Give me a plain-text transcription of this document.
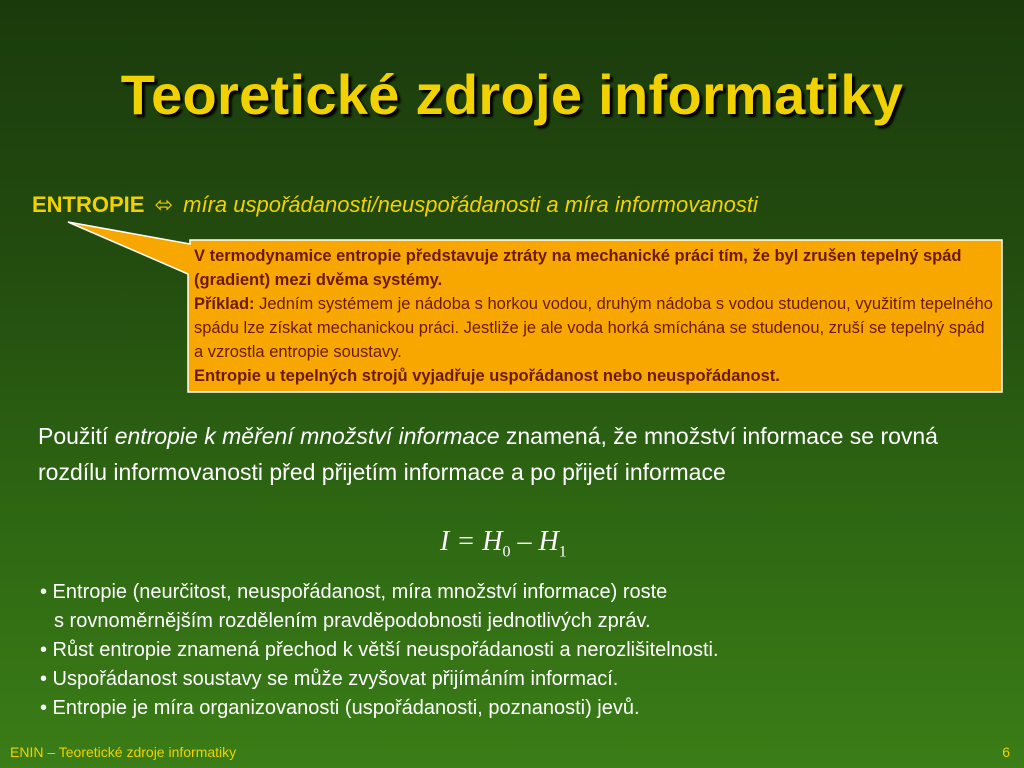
Teoretické zdroje informatiky
ENTROPIE ⬄ míra uspořádanosti/neuspořádanosti a míra informovanosti
V termodynamice entropie představuje ztráty na mechanické práci tím, že byl zrušen tepelný spád (gradient) mezi dvěma systémy.
Příklad: Jedním systémem je nádoba s horkou vodou, druhým nádoba s vodou studenou, využitím tepelného spádu lze získat mechanickou práci. Jestliže je ale voda horká smíchána se studenou, zruší se tepelný spád a vzrostla entropie soustavy.
Entropie u tepelných strojů vyjadřuje uspořádanost nebo neuspořádanost.
Použití entropie k měření množství informace znamená, že množství informace se rovná rozdílu informovanosti před přijetím informace a po přijetí informace
$I = H_0 - H_1$
• Entropie (neurčitost, neuspořádanost, míra množství informace) roste
s rovnoměrnějším rozdělením pravděpodobnosti jednotlivých zpráv.
• Růst entropie znamená přechod k větší neuspořádanosti a nerozlišitelnosti.
• Uspořádanost soustavy se může zvyšovat přijímáním informací.
• Entropie je míra organizovanosti (uspořádanosti, poznanosti) jevů.
ENIN – Teoretické zdroje informatiky	6
